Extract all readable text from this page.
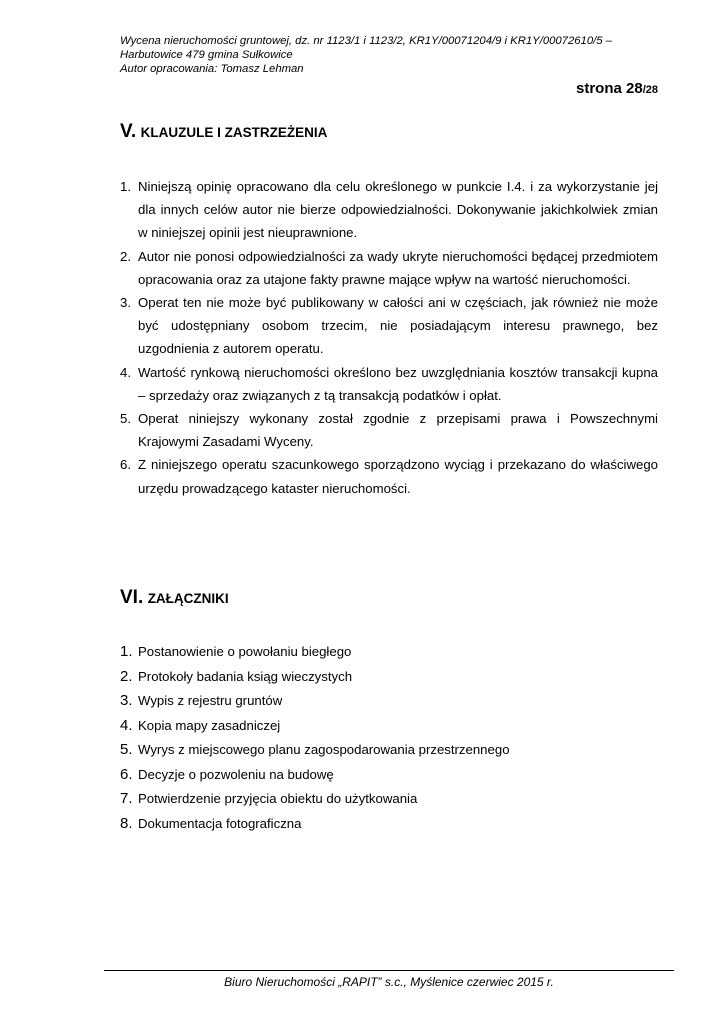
Wycena nieruchomości gruntowej, dz. nr 1123/1 i 1123/2, KR1Y/00071204/9 i KR1Y/00072610/5 –
Harbutowice 479 gmina Sułkowice
Autor opracowania: Tomasz Lehman
strona 28/28
V. KLAUZULE I ZASTRZEŻENIA
1. Niniejszą opinię opracowano dla celu określonego w punkcie I.4. i za wykorzystanie jej dla innych celów autor nie bierze odpowiedzialności. Dokonywanie jakichkolwiek zmian w niniejszej opinii jest nieuprawnione.
2. Autor nie ponosi odpowiedzialności za wady ukryte nieruchomości będącej przedmiotem opracowania oraz za utajone fakty prawne mające wpływ na wartość nieruchomości.
3. Operat ten nie może być publikowany w całości ani w częściach, jak również nie może być udostępniany osobom trzecim, nie posiadającym interesu prawnego, bez uzgodnienia z autorem operatu.
4. Wartość rynkową nieruchomości określono bez uwzględniania kosztów transakcji kupna – sprzedaży oraz związanych z tą transakcją podatków i opłat.
5. Operat niniejszy wykonany został zgodnie z przepisami prawa i Powszechnymi Krajowymi Zasadami Wyceny.
6. Z niniejszego operatu szacunkowego sporządzono wyciąg i przekazano do właściwego urzędu prowadzącego kataster nieruchomości.
VI. ZAŁĄCZNIKI
1. Postanowienie o powołaniu biegłego
2. Protokoły badania ksiąg wieczystych
3. Wypis z rejestru gruntów
4. Kopia mapy zasadniczej
5. Wyrys z miejscowego planu zagospodarowania przestrzennego
6. Decyzje o pozwoleniu na budowę
7. Potwierdzenie przyjęcia obiektu do użytkowania
8. Dokumentacja fotograficzna
Biuro Nieruchomości „RAPIT” s.c., Myślenice czerwiec 2015 r.
